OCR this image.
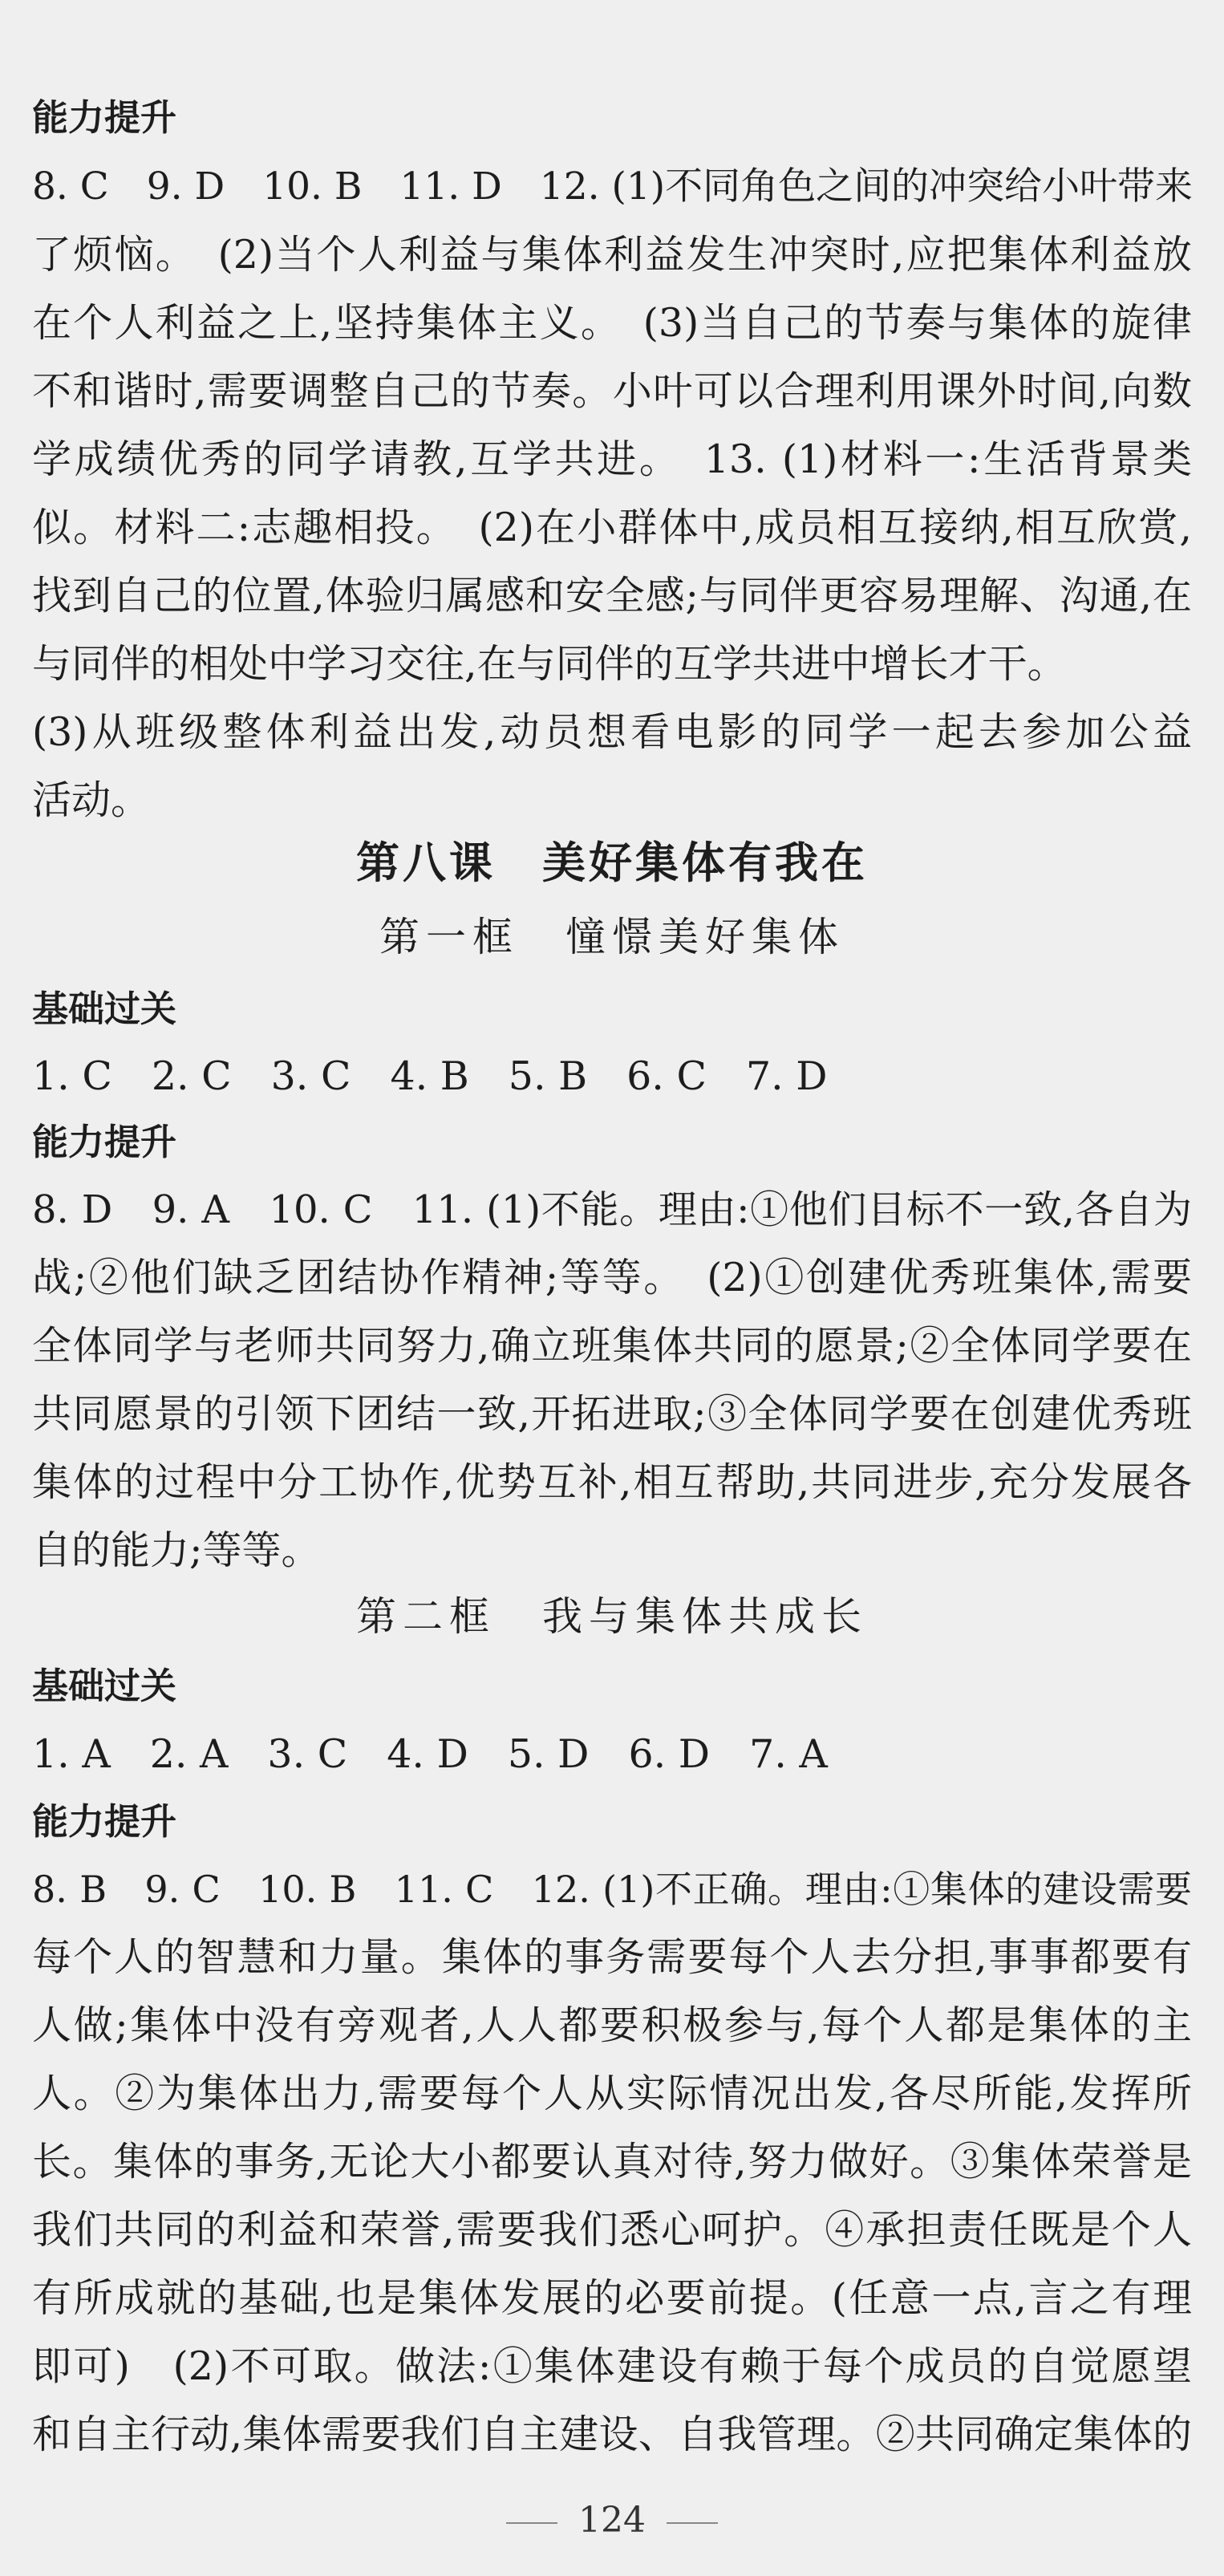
能力提升
8. C　9. D　10. B　11. D　12. (1)不同角色之间的冲突给小叶带来
了烦恼。　(2)当个人利益与集体利益发生冲突时,应把集体利益放
在个人利益之上,坚持集体主义。　(3)当自己的节奏与集体的旋律
不和谐时,需要调整自己的节奏。小叶可以合理利用课外时间,向数
学成绩优秀的同学请教,互学共进。　13. (1)材料一:生活背景类
似。材料二:志趣相投。　(2)在小群体中,成员相互接纳,相互欣赏,
找到自己的位置,体验归属感和安全感;与同伴更容易理解、沟通,在
与同伴的相处中学习交往,在与同伴的互学共进中增长才干。
(3)从班级整体利益出发,动员想看电影的同学一起去参加公益
活动。
第八课　美好集体有我在
第一框　憧憬美好集体
基础过关
1. C　2. C　3. C　4. B　5. B　6. C　7. D
能力提升
8. D　9. A　10. C　11. (1)不能。理由:①他们目标不一致,各自为
战;②他们缺乏团结协作精神;等等。　(2)①创建优秀班集体,需要
全体同学与老师共同努力,确立班集体共同的愿景;②全体同学要在
共同愿景的引领下团结一致,开拓进取;③全体同学要在创建优秀班
集体的过程中分工协作,优势互补,相互帮助,共同进步,充分发展各
自的能力;等等。
第二框　我与集体共成长
基础过关
1. A　2. A　3. C　4. D　5. D　6. D　7. A
能力提升
8. B　9. C　10. B　11. C　12. (1)不正确。理由:①集体的建设需要
每个人的智慧和力量。集体的事务需要每个人去分担,事事都要有
人做;集体中没有旁观者,人人都要积极参与,每个人都是集体的主
人。②为集体出力,需要每个人从实际情况出发,各尽所能,发挥所
长。集体的事务,无论大小都要认真对待,努力做好。③集体荣誉是
我们共同的利益和荣誉,需要我们悉心呵护。④承担责任既是个人
有所成就的基础,也是集体发展的必要前提。(任意一点,言之有理
即可)　(2)不可取。做法:①集体建设有赖于每个成员的自觉愿望
和自主行动,集体需要我们自主建设、自我管理。②共同确定集体的
124
